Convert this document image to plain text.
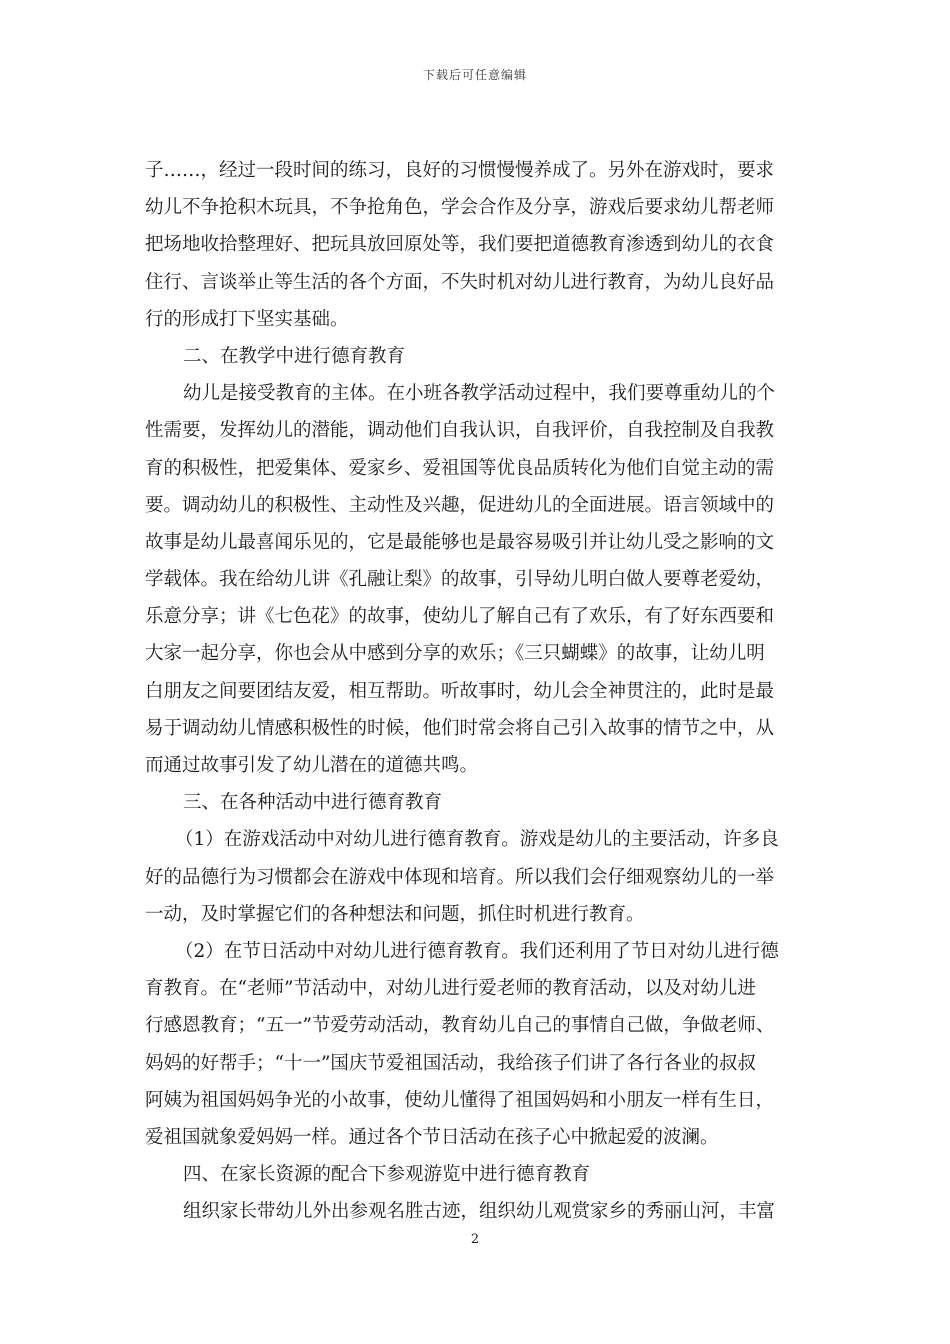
下载后可任意编辑
子……，经过一段时间的练习，良好的习惯慢慢养成了。另外在游戏时，要求
幼儿不争抢积木玩具，不争抢角色，学会合作及分享，游戏后要求幼儿帮老师
把场地收拾整理好、把玩具放回原处等，我们要把道德教育渗透到幼儿的衣食
住行、言谈举止等生活的各个方面，不失时机对幼儿进行教育，为幼儿良好品
行的形成打下坚实基础。
二、在教学中进行德育教育
幼儿是接受教育的主体。在小班各教学活动过程中，我们要尊重幼儿的个
性需要，发挥幼儿的潜能，调动他们自我认识，自我评价，自我控制及自我教
育的积极性，把爱集体、爱家乡、爱祖国等优良品质转化为他们自觉主动的需
要。调动幼儿的积极性、主动性及兴趣，促进幼儿的全面进展。语言领域中的
故事是幼儿最喜闻乐见的，它是最能够也是最容易吸引并让幼儿受之影响的文
学载体。我在给幼儿讲《孔融让梨》的故事，引导幼儿明白做人要尊老爱幼，
乐意分享；讲《七色花》的故事，使幼儿了解自己有了欢乐，有了好东西要和
大家一起分享，你也会从中感到分享的欢乐；《三只蝴蝶》的故事，让幼儿明
白朋友之间要团结友爱，相互帮助。听故事时，幼儿会全神贯注的，此时是最
易于调动幼儿情感积极性的时候，他们时常会将自己引入故事的情节之中，从
而通过故事引发了幼儿潜在的道德共鸣。
三、在各种活动中进行德育教育
（1）在游戏活动中对幼儿进行德育教育。游戏是幼儿的主要活动，许多良
好的品德行为习惯都会在游戏中体现和培育。所以我们会仔细观察幼儿的一举
一动，及时掌握它们的各种想法和问题，抓住时机进行教育。
（2）在节日活动中对幼儿进行德育教育。我们还利用了节日对幼儿进行德
育教育。在“老师”节活动中，对幼儿进行爱老师的教育活动，以及对幼儿进
行感恩教育；“五一”节爱劳动活动，教育幼儿自己的事情自己做，争做老师、
妈妈的好帮手；“十一”国庆节爱祖国活动，我给孩子们讲了各行各业的叔叔
阿姨为祖国妈妈争光的小故事，使幼儿懂得了祖国妈妈和小朋友一样有生日，
爱祖国就象爱妈妈一样。通过各个节日活动在孩子心中掀起爱的波澜。
四、在家长资源的配合下参观游览中进行德育教育
组织家长带幼儿外出参观名胜古迹，组织幼儿观赏家乡的秀丽山河，丰富
2
